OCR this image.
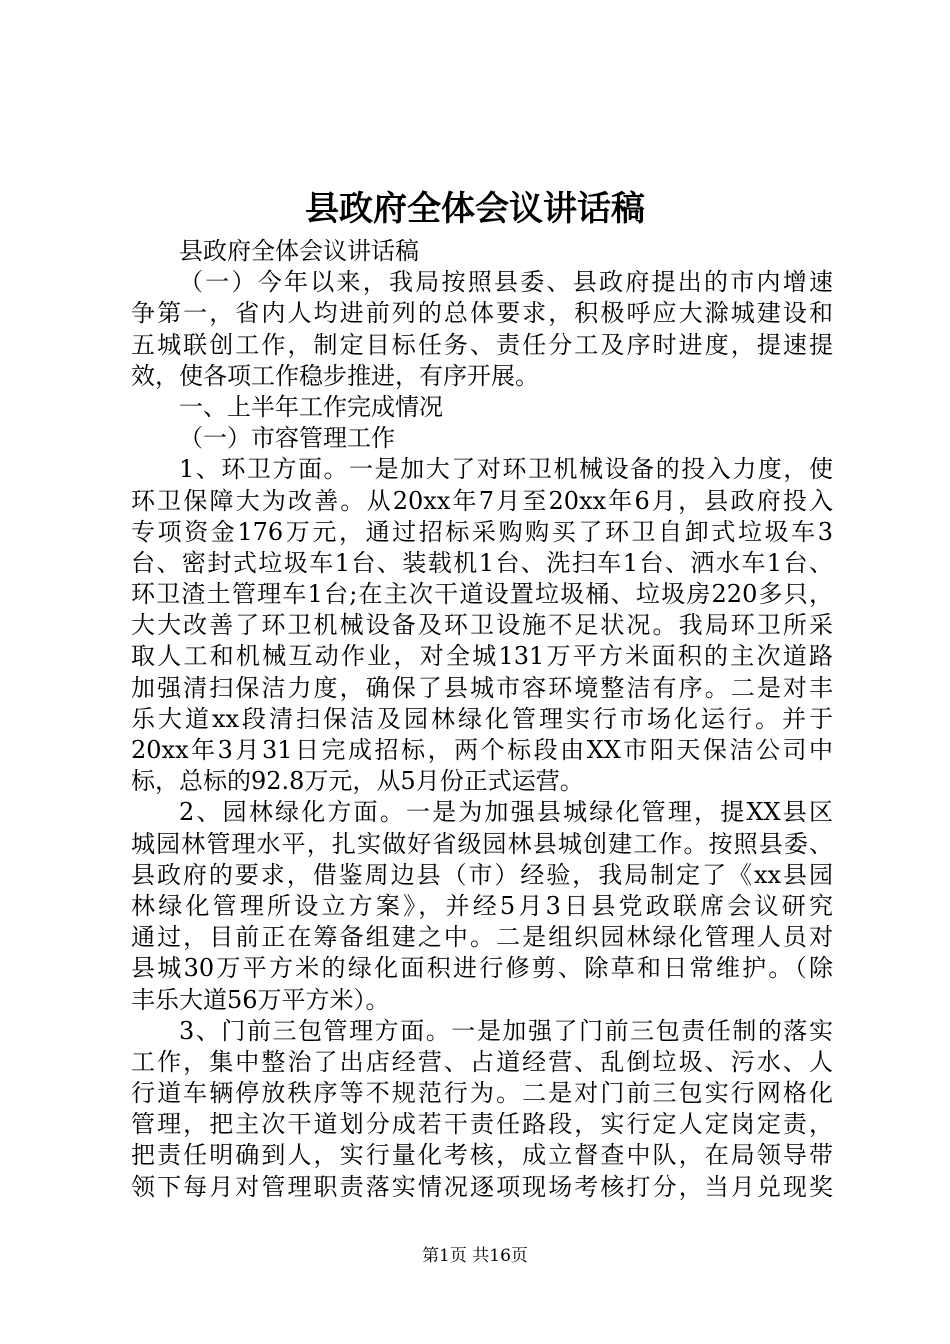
县政府全体会议讲话稿
县政府全体会议讲话稿
（一）今年以来，我局按照县委、县政府提出的市内增速
争第一，省内人均进前列的总体要求，积极呼应大滁城建设和
五城联创工作，制定目标任务、责任分工及序时进度，提速提
效，使各项工作稳步推进，有序开展。
一、上半年工作完成情况
（一）市容管理工作
1、环卫方面。一是加大了对环卫机械设备的投入力度，使
环卫保障大为改善。从20xx年7月至20xx年6月，县政府投入
专项资金176万元，通过招标采购购买了环卫自卸式垃圾车3
台、密封式垃圾车1台、装载机1台、洗扫车1台、洒水车1台、
环卫渣土管理车1台;在主次干道设置垃圾桶、垃圾房220多只，
大大改善了环卫机械设备及环卫设施不足状况。我局环卫所采
取人工和机械互动作业，对全城131万平方米面积的主次道路
加强清扫保洁力度，确保了县城市容环境整洁有序。二是对丰
乐大道xx段清扫保洁及园林绿化管理实行市场化运行。并于
20xx年3月31日完成招标，两个标段由XX市阳天保洁公司中
标，总标的92.8万元，从5月份正式运营。
2、园林绿化方面。一是为加强县城绿化管理，提XX县区
城园林管理水平，扎实做好省级园林县城创建工作。按照县委、
县政府的要求，借鉴周边县（市）经验，我局制定了《xx县园
林绿化管理所设立方案》，并经5月3日县党政联席会议研究
通过，目前正在筹备组建之中。二是组织园林绿化管理人员对
县城30万平方米的绿化面积进行修剪、除草和日常维护。（除
丰乐大道56万平方米）。
3、门前三包管理方面。一是加强了门前三包责任制的落实
工作，集中整治了出店经营、占道经营、乱倒垃圾、污水、人
行道车辆停放秩序等不规范行为。二是对门前三包实行网格化
管理，把主次干道划分成若干责任路段，实行定人定岗定责，
把责任明确到人，实行量化考核，成立督查中队，在局领导带
领下每月对管理职责落实情况逐项现场考核打分，当月兑现奖
第1页 共16页
